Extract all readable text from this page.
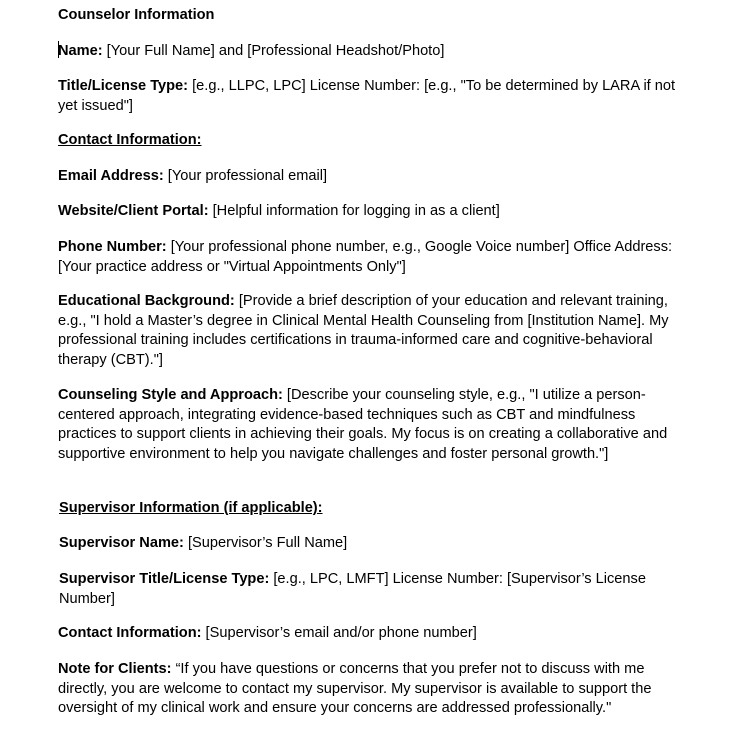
Counselor Information

Name: [Your Full Name] and [Professional Headshot/Photo]

Title/License Type: [e.g., LLPC, LPC] License Number: [e.g., "To be determined by LARA if not yet issued"]

Contact Information:

Email Address: [Your professional email]

Website/Client Portal: [Helpful information for logging in as a client]

Phone Number: [Your professional phone number, e.g., Google Voice number] Office Address: [Your practice address or "Virtual Appointments Only"]

Educational Background: [Provide a brief description of your education and relevant training, e.g., "I hold a Master’s degree in Clinical Mental Health Counseling from [Institution Name]. My professional training includes certifications in trauma-informed care and cognitive-behavioral therapy (CBT)."]

Counseling Style and Approach: [Describe your counseling style, e.g., "I utilize a person-centered approach, integrating evidence-based techniques such as CBT and mindfulness practices to support clients in achieving their goals. My focus is on creating a collaborative and supportive environment to help you navigate challenges and foster personal growth."]

Supervisor Information (if applicable):

Supervisor Name: [Supervisor’s Full Name]

Supervisor Title/License Type: [e.g., LPC, LMFT] License Number: [Supervisor’s License Number]

Contact Information: [Supervisor’s email and/or phone number]

Note for Clients: “If you have questions or concerns that you prefer not to discuss with me directly, you are welcome to contact my supervisor. My supervisor is available to support the oversight of my clinical work and ensure your concerns are addressed professionally."
